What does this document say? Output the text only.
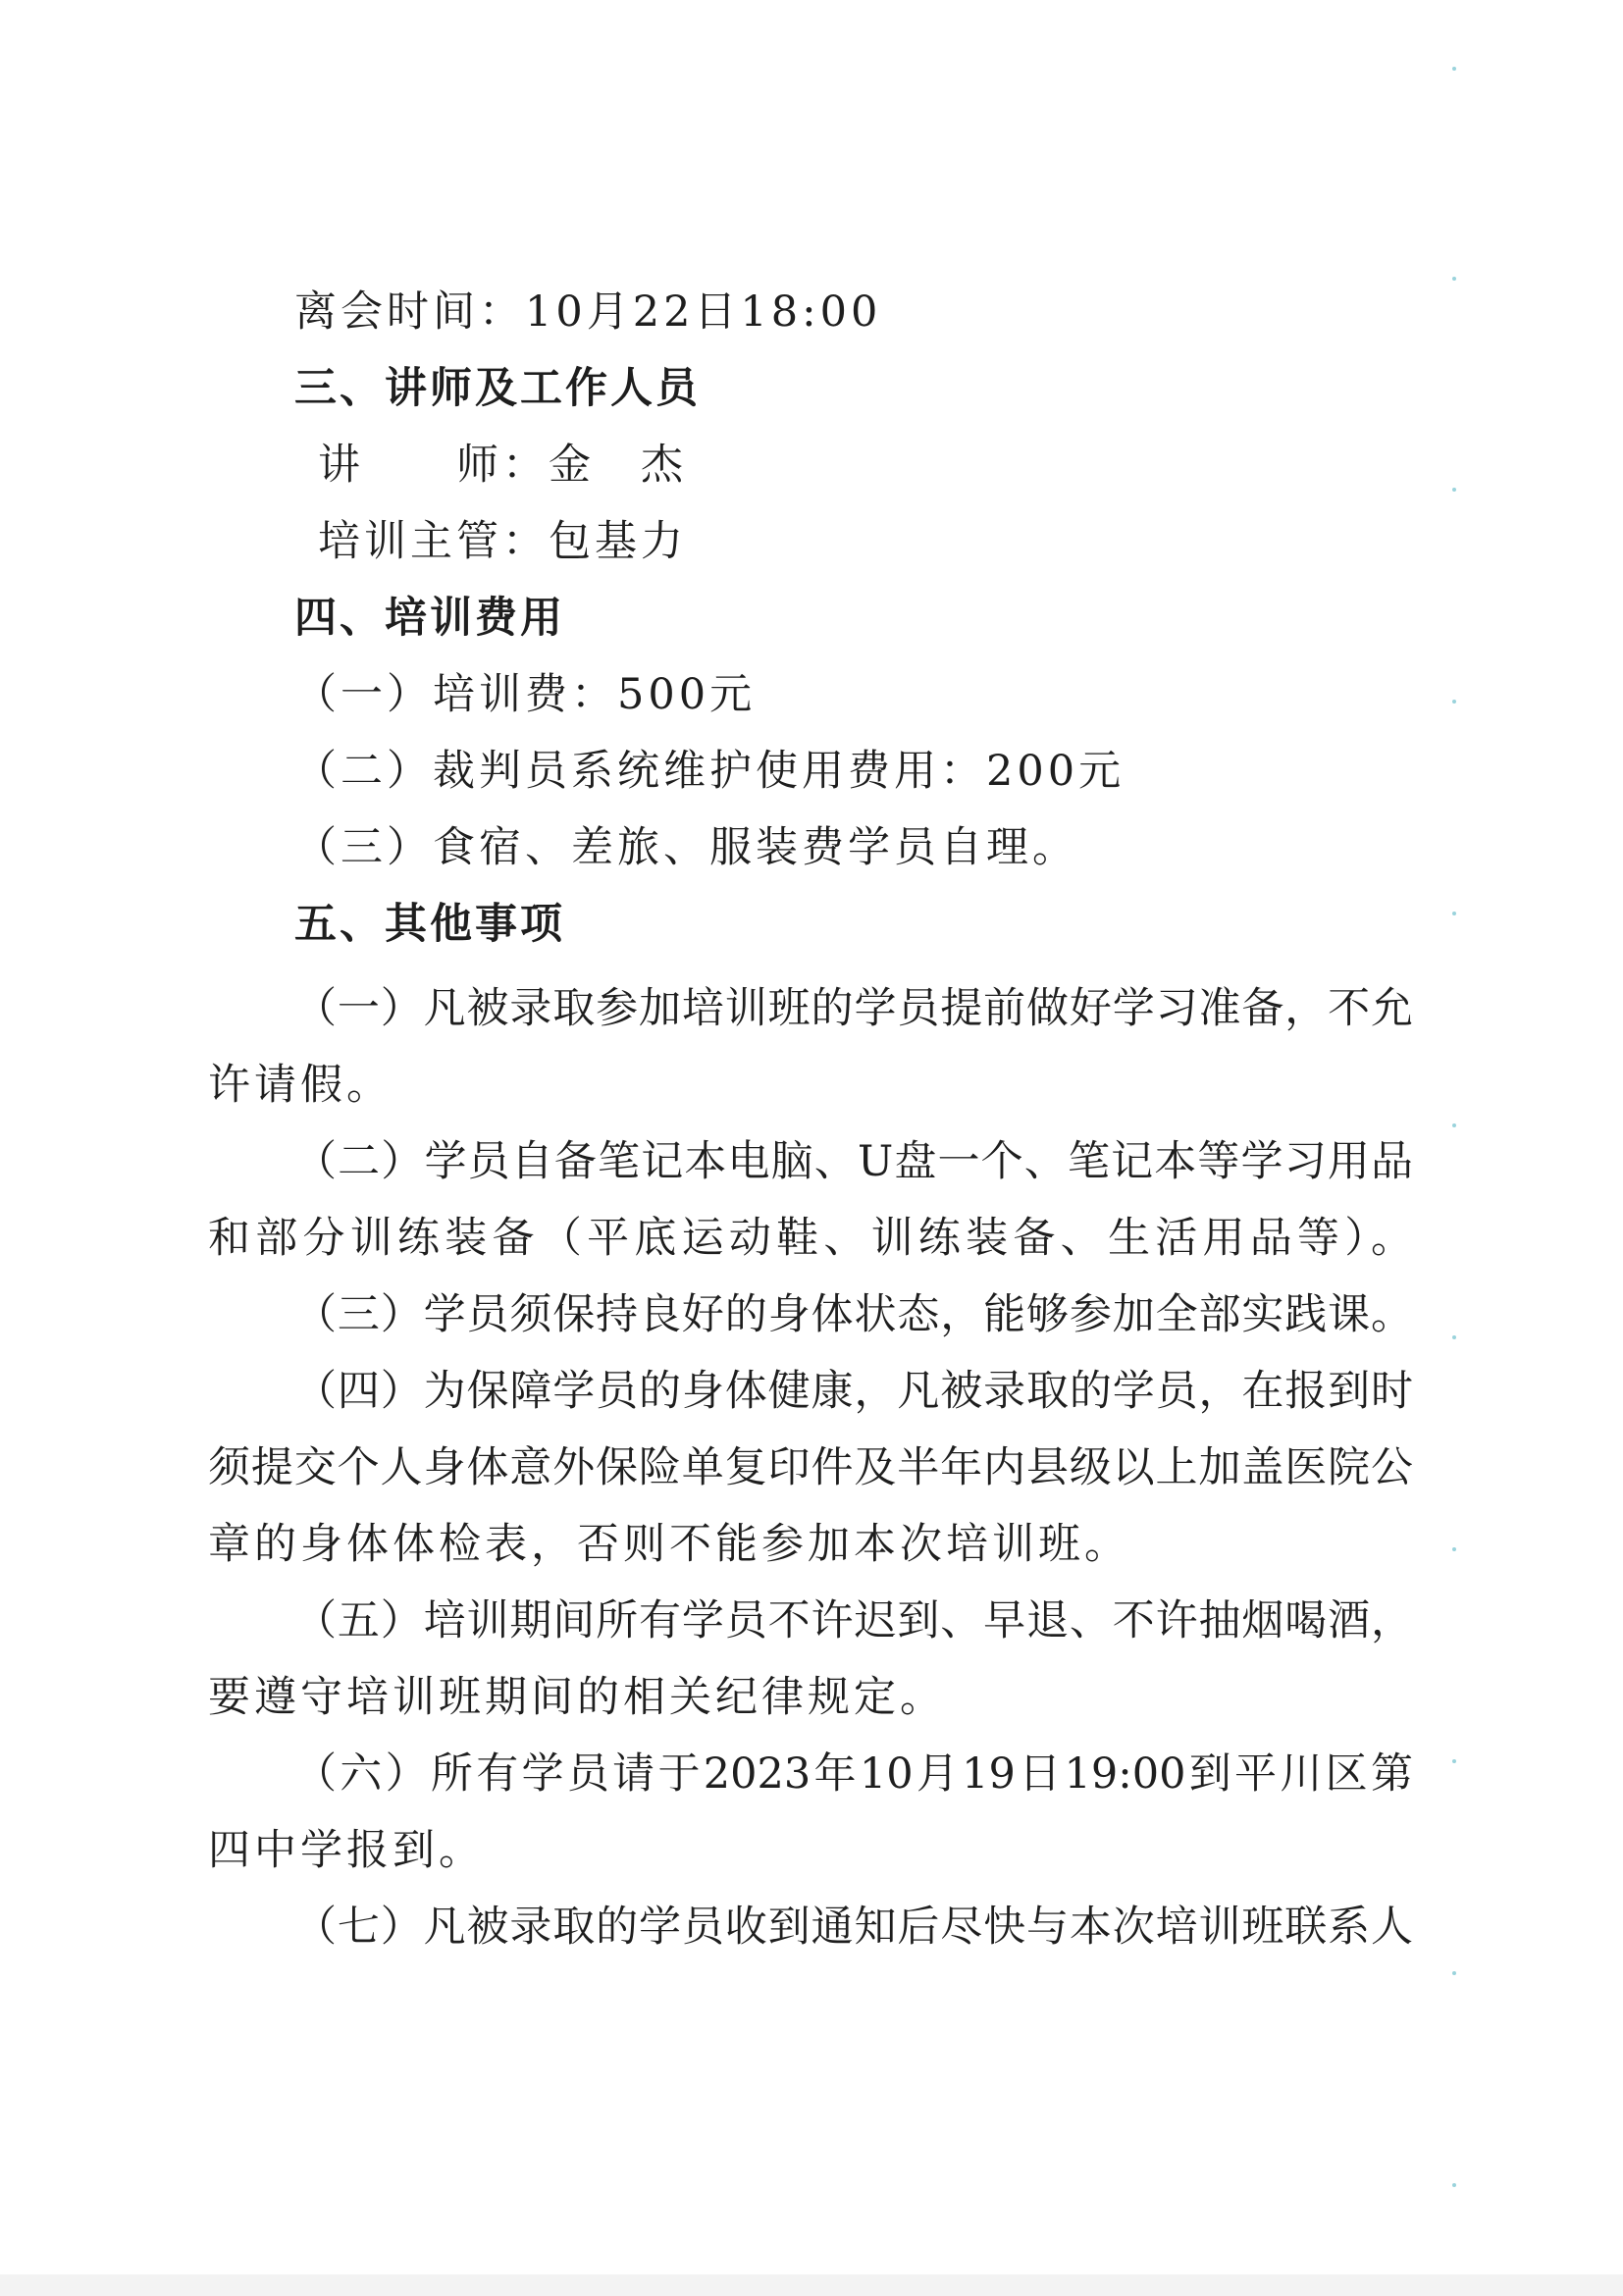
离会时间：10月22日18:00
三、讲师及工作人员
讲　　师：金　杰
培训主管：包基力
四、培训费用
（一）培训费：500元
（二）裁判员系统维护使用费用：200元
（三）食宿、差旅、服装费学员自理。
五、其他事项
（一）凡被录取参加培训班的学员提前做好学习准备，不允
许请假。
（二）学员自备笔记本电脑、U盘一个、笔记本等学习用品
和部分训练装备（平底运动鞋、训练装备、生活用品等）。
（三）学员须保持良好的身体状态，能够参加全部实践课。
（四）为保障学员的身体健康，凡被录取的学员，在报到时
须提交个人身体意外保险单复印件及半年内县级以上加盖医院公
章的身体体检表，否则不能参加本次培训班。
（五）培训期间所有学员不许迟到、早退、不许抽烟喝酒，
要遵守培训班期间的相关纪律规定。
（六）所有学员请于2023年10月19日19:00到平川区第
四中学报到。
（七）凡被录取的学员收到通知后尽快与本次培训班联系人
